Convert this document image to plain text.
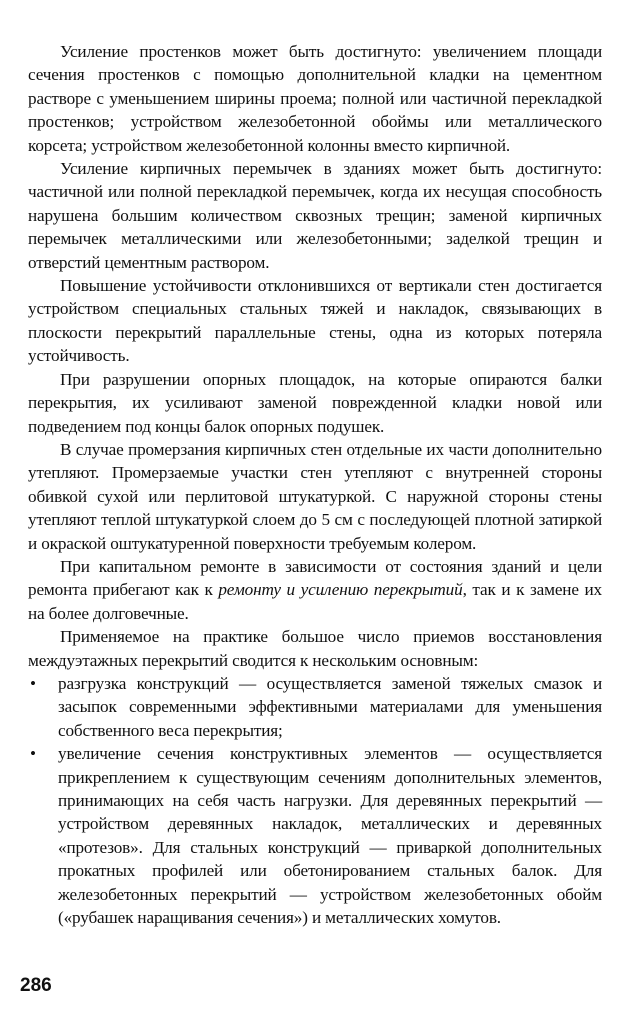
Усиление простенков может быть достигнуто: увеличением площади сечения простенков с помощью дополнительной кладки на цементном растворе с уменьшением ширины проема; полной или частичной перекладкой простенков; устройством железобетонной обоймы или металлического корсета; устройством железобетонной колонны вместо кирпичной.

Усиление кирпичных перемычек в зданиях может быть достигнуто: частичной или полной перекладкой перемычек, когда их несущая способность нарушена большим количеством сквозных трещин; заменой кирпичных перемычек металлическими или железобетонными; заделкой трещин и отверстий цементным раствором.

Повышение устойчивости отклонившихся от вертикали стен достигается устройством специальных стальных тяжей и накладок, связывающих в плоскости перекрытий параллельные стены, одна из которых потеряла устойчивость.

При разрушении опорных площадок, на которые опираются балки перекрытия, их усиливают заменой поврежденной кладки новой или подведением под концы балок опорных подушек.

В случае промерзания кирпичных стен отдельные их части дополнительно утепляют. Промерзаемые участки стен утепляют с внутренней стороны обивкой сухой или перлитовой штукатуркой. С наружной стороны стены утепляют теплой штукатуркой слоем до 5 см с последующей плотной затиркой и окраской оштукатуренной поверхности требуемым колером.

При капитальном ремонте в зависимости от состояния зданий и цели ремонта прибегают как к ремонту и усилению перекрытий, так и к замене их на более долговечные.

Применяемое на практике большое число приемов восстановления междуэтажных перекрытий сводится к нескольким основным:

• разгрузка конструкций — осуществляется заменой тяжелых смазок и засыпок современными эффективными материалами для уменьшения собственного веса перекрытия;
• увеличение сечения конструктивных элементов — осуществляется прикреплением к существующим сечениям дополнительных элементов, принимающих на себя часть нагрузки. Для деревянных перекрытий — устройством деревянных накладок, металлических и деревянных «протезов». Для стальных конструкций — приваркой дополнительных прокатных профилей или обетонированием стальных балок. Для железобетонных перекрытий — устройством железобетонных обойм («рубашек наращивания сечения») и металлических хомутов.
286
